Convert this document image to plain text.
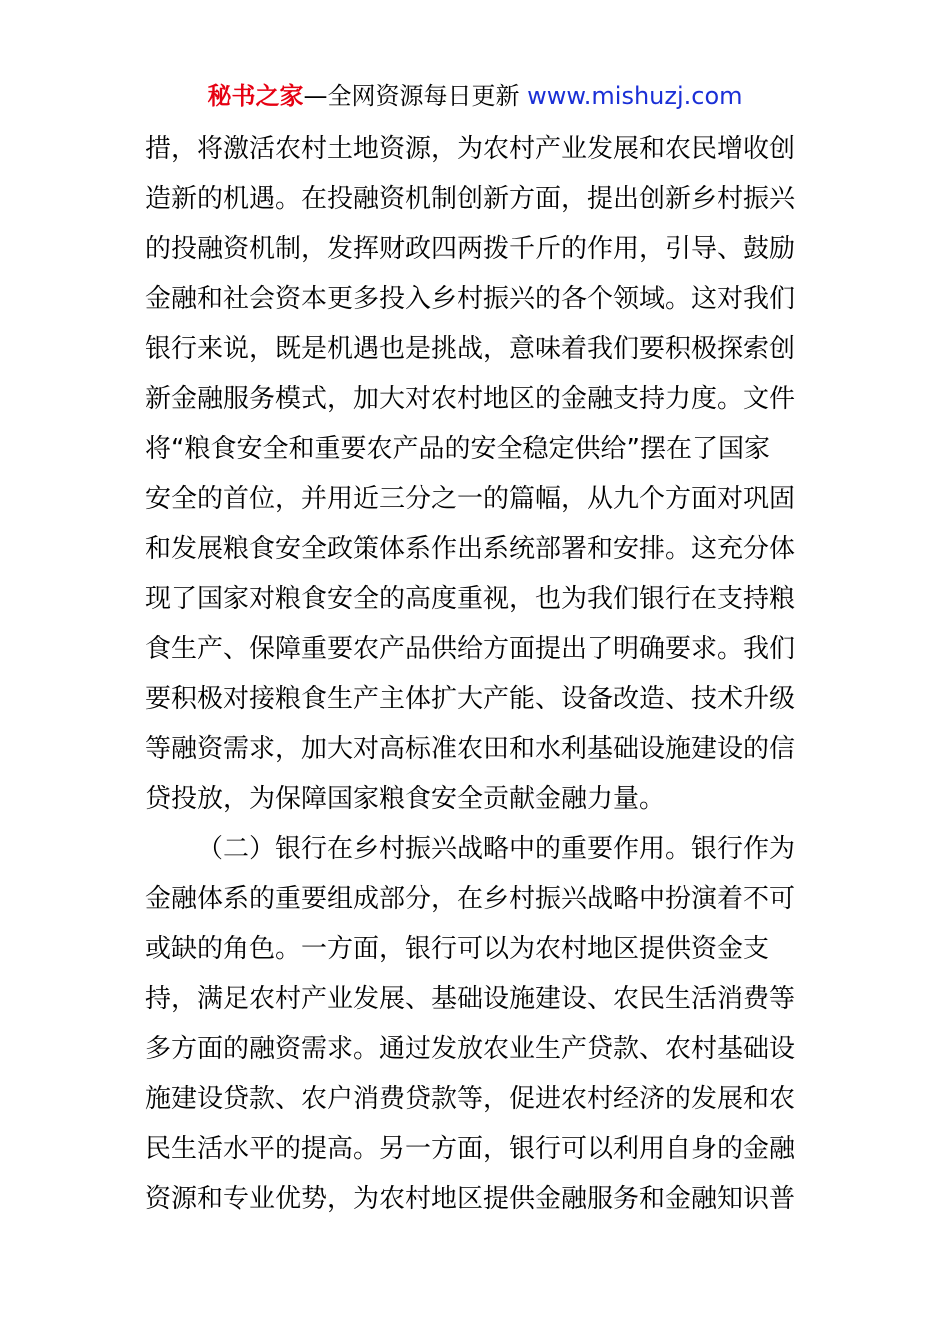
秘书之家—全网资源每日更新 www.mishuzj.com
措，将激活农村土地资源，为农村产业发展和农民增收创
造新的机遇。在投融资机制创新方面，提出创新乡村振兴
的投融资机制，发挥财政四两拨千斤的作用，引导、鼓励
金融和社会资本更多投入乡村振兴的各个领域。这对我们
银行来说，既是机遇也是挑战，意味着我们要积极探索创
新金融服务模式，加大对农村地区的金融支持力度。文件
将“粮食安全和重要农产品的安全稳定供给”摆在了国家
安全的首位，并用近三分之一的篇幅，从九个方面对巩固
和发展粮食安全政策体系作出系统部署和安排。这充分体
现了国家对粮食安全的高度重视，也为我们银行在支持粮
食生产、保障重要农产品供给方面提出了明确要求。我们
要积极对接粮食生产主体扩大产能、设备改造、技术升级
等融资需求，加大对高标准农田和水利基础设施建设的信
贷投放，为保障国家粮食安全贡献金融力量。
（二）银行在乡村振兴战略中的重要作用。银行作为
金融体系的重要组成部分，在乡村振兴战略中扮演着不可
或缺的角色。一方面，银行可以为农村地区提供资金支
持，满足农村产业发展、基础设施建设、农民生活消费等
多方面的融资需求。通过发放农业生产贷款、农村基础设
施建设贷款、农户消费贷款等，促进农村经济的发展和农
民生活水平的提高。另一方面，银行可以利用自身的金融
资源和专业优势，为农村地区提供金融服务和金融知识普
